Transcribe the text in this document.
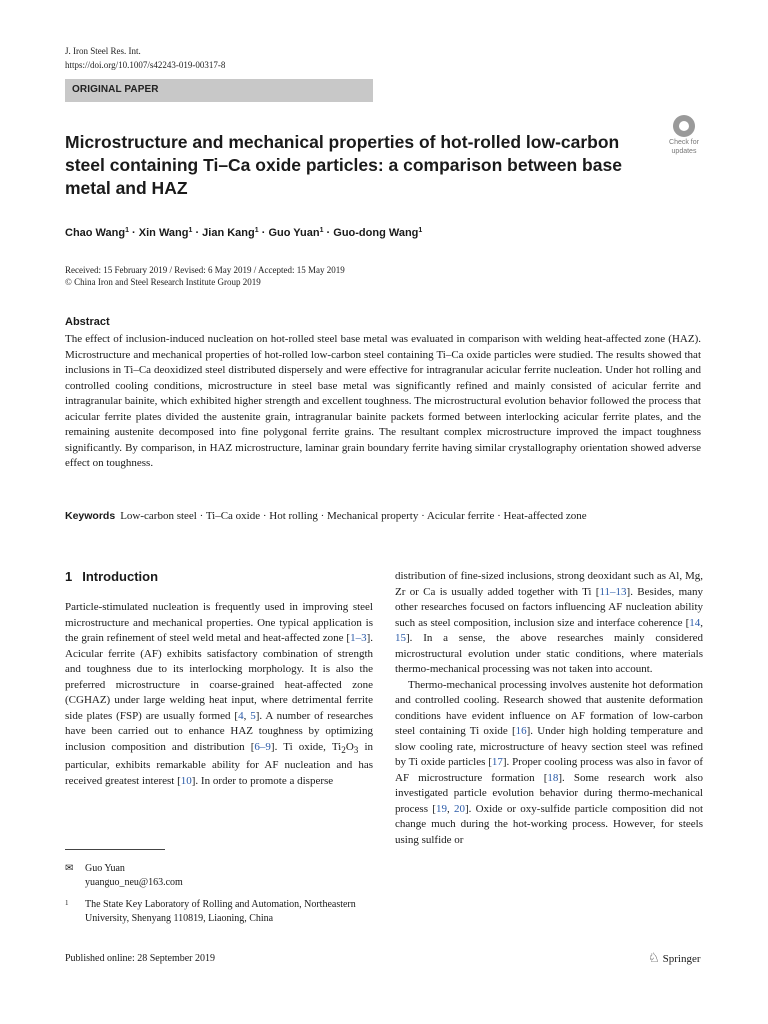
J. Iron Steel Res. Int.
https://doi.org/10.1007/s42243-019-00317-8
ORIGINAL PAPER
Microstructure and mechanical properties of hot-rolled low-carbon steel containing Ti–Ca oxide particles: a comparison between base metal and HAZ
Check for
updates
Chao Wang$^1$ · Xin Wang$^1$ · Jian Kang$^1$ · Guo Yuan$^1$ · Guo-dong Wang$^1$
Received: 15 February 2019 / Revised: 6 May 2019 / Accepted: 15 May 2019
© China Iron and Steel Research Institute Group 2019
Abstract
The effect of inclusion-induced nucleation on hot-rolled steel base metal was evaluated in comparison with welding heat-affected zone (HAZ). Microstructure and mechanical properties of hot-rolled low-carbon steel containing Ti–Ca oxide particles were studied. The results showed that inclusions in Ti–Ca deoxidized steel distributed dispersely and were effective for intragranular acicular ferrite nucleation. Under hot rolling and controlled cooling conditions, microstructure in steel base metal was significantly refined and mainly consisted of acicular ferrite and intragranular bainite, which exhibited higher strength and excellent toughness. The microstructural evolution behavior followed the process that acicular ferrite plates divided the austenite grain, intragranular bainite packets formed between interlocking acicular ferrite plates, and the remaining austenite decomposed into fine polygonal ferrite grains. The resultant complex microstructure improved the impact toughness significantly. By comparison, in HAZ microstructure, laminar grain boundary ferrite having similar crystallography orientation showed adverse effect on toughness.
Keywords Low-carbon steel · Ti–Ca oxide · Hot rolling · Mechanical property · Acicular ferrite · Heat-affected zone
1 Introduction

Particle-stimulated nucleation is frequently used in improving steel microstructure and mechanical properties. One typical application is the grain refinement of steel weld metal and heat-affected zone [1–3]. Acicular ferrite (AF) exhibits satisfactory combination of strength and toughness due to its interlocking morphology. It is also the preferred microstructure in coarse-grained heat-affected zone (CGHAZ) under large welding heat input, where detrimental ferrite side plates (FSP) are usually formed [4, 5]. A number of researches have been carried out to enhance HAZ toughness by optimizing inclusion composition and distribution [6–9]. Ti oxide, $Ti_2O_3$ in particular, exhibits remarkable ability for AF nucleation and has received greatest interest [10]. In order to promote a disperse

distribution of fine-sized inclusions, strong deoxidant such as Al, Mg, Zr or Ca is usually added together with Ti [11–13]. Besides, many other researches focused on factors influencing AF nucleation ability such as steel composition, inclusion size and interface coherence [14, 15]. In a sense, the above researches mainly considered microstructural evolution under static conditions, where materials thermo-mechanical processing was not taken into account.

Thermo-mechanical processing involves austenite hot deformation and controlled cooling. Research showed that austenite deformation conditions have evident influence on AF formation of low-carbon steel containing Ti oxide [16]. Under high holding temperature and slow cooling rate, microstructure of heavy section steel was refined by Ti oxide particles [17]. Proper cooling process was also in favor of AF microstructure formation [18]. Some research work also investigated particle evolution behavior during thermo-mechanical process [19, 20]. Oxide or oxy-sulfide particle composition did not change much during the hot-working process. However, for steels using sulfide or

✉ Guo Yuan
yuanguo_neu@163.com
1	The State Key Laboratory of Rolling and Automation, Northeastern University, Shenyang 110819, Liaoning, China
Published online: 28 September 2019	♘ Springer
